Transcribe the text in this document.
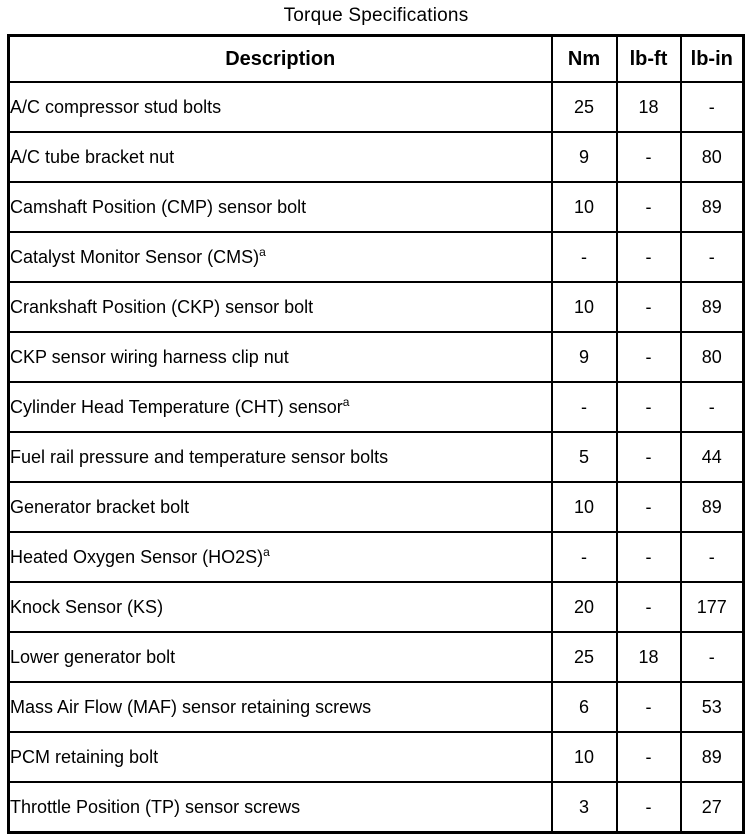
Torque Specifications
Description	Nm	lb-ft	lb-in
A/C compressor stud bolts	25	18	-
A/C tube bracket nut	9	-	80
Camshaft Position (CMP) sensor bolt	10	-	89
Catalyst Monitor Sensor (CMS)$^a$	-	-	-
Crankshaft Position (CKP) sensor bolt	10	-	89
CKP sensor wiring harness clip nut	9	-	80
Cylinder Head Temperature (CHT) sensor$^a$	-	-	-
Fuel rail pressure and temperature sensor bolts	5	-	44
Generator bracket bolt	10	-	89
Heated Oxygen Sensor (HO2S)$^a$	-	-	-
Knock Sensor (KS)	20	-	177
Lower generator bolt	25	18	-
Mass Air Flow (MAF) sensor retaining screws	6	-	53
PCM retaining bolt	10	-	89
Throttle Position (TP) sensor screws	3	-	27
